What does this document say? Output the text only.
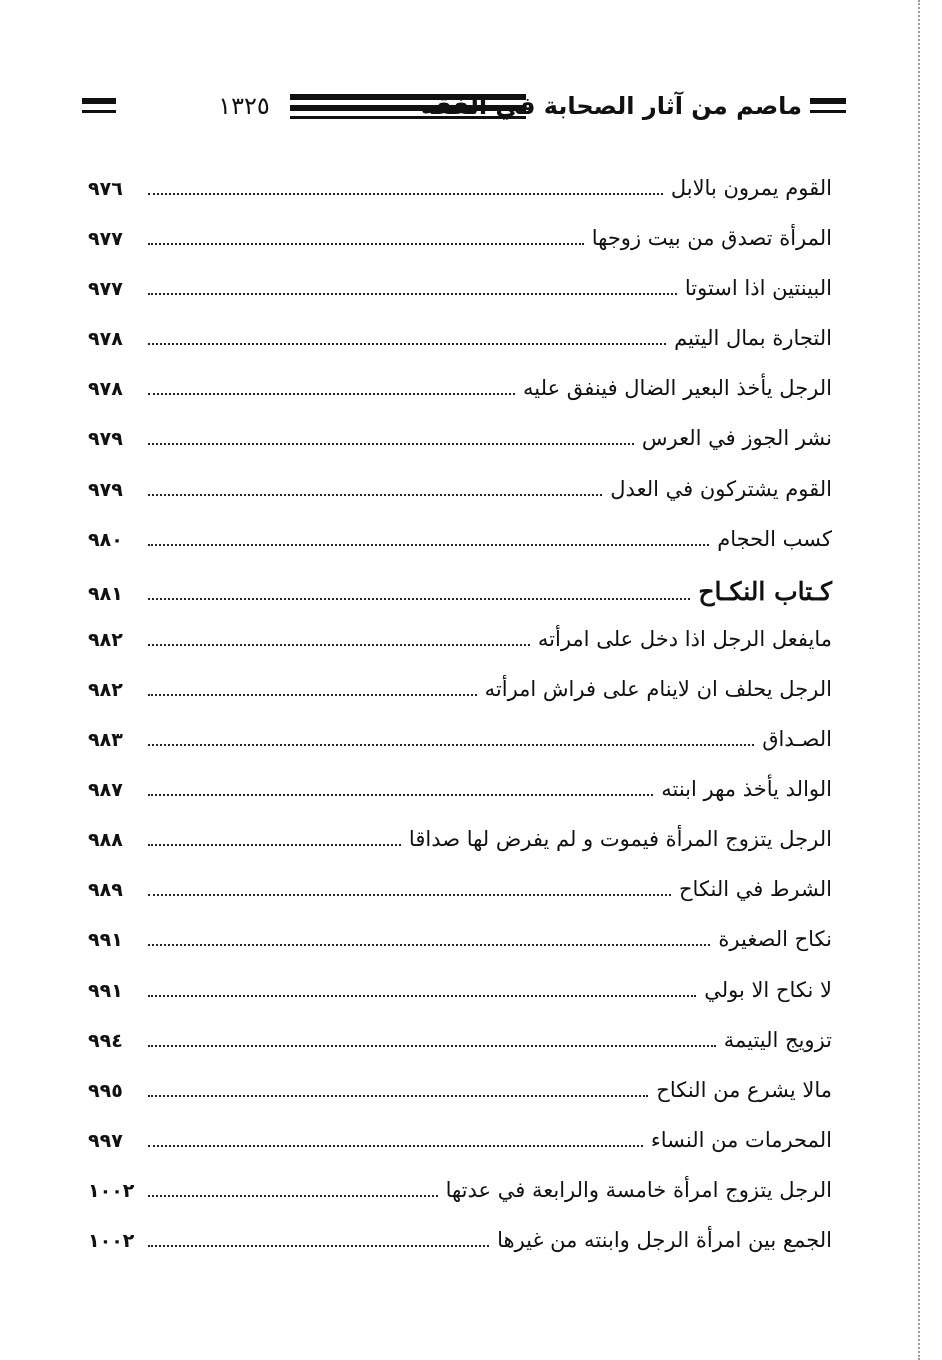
ماصم من آثار الصحابة في الفقه
١٣٢٥
القوم يمرون بالابل
٩٧٦
المرأة تصدق من بيت زوجها
٩٧٧
البينتين اذا استوتا
٩٧٧
التجارة بمال اليتيم
٩٧٨
الرجل يأخذ البعير الضال فينفق عليه
٩٧٨
نشر الجوز في العرس
٩٧٩
القوم يشتركون في العدل
٩٧٩
كسب الحجام
٩٨٠
كـتاب النكـاح
٩٨١
مايفعل الرجل اذا دخل على امرأته
٩٨٢
الرجل يحلف ان لاينام على فراش امرأته
٩٨٢
الصـداق
٩٨٣
الوالد يأخذ مهر ابنته
٩٨٧
الرجل يتزوج المرأة فيموت و لم يفرض لها صداقا
٩٨٨
الشرط في النكاح
٩٨٩
نكاح الصغيرة
٩٩١
لا نكاح الا بولي
٩٩١
تزويج اليتيمة
٩٩٤
مالا يشرع من النكاح
٩٩٥
المحرمات من النساء
٩٩٧
الرجل يتزوج امرأة خامسة والرابعة في عدتها
١٠٠٢
الجمع بين امرأة الرجل وابنته من غيرها
١٠٠٢
